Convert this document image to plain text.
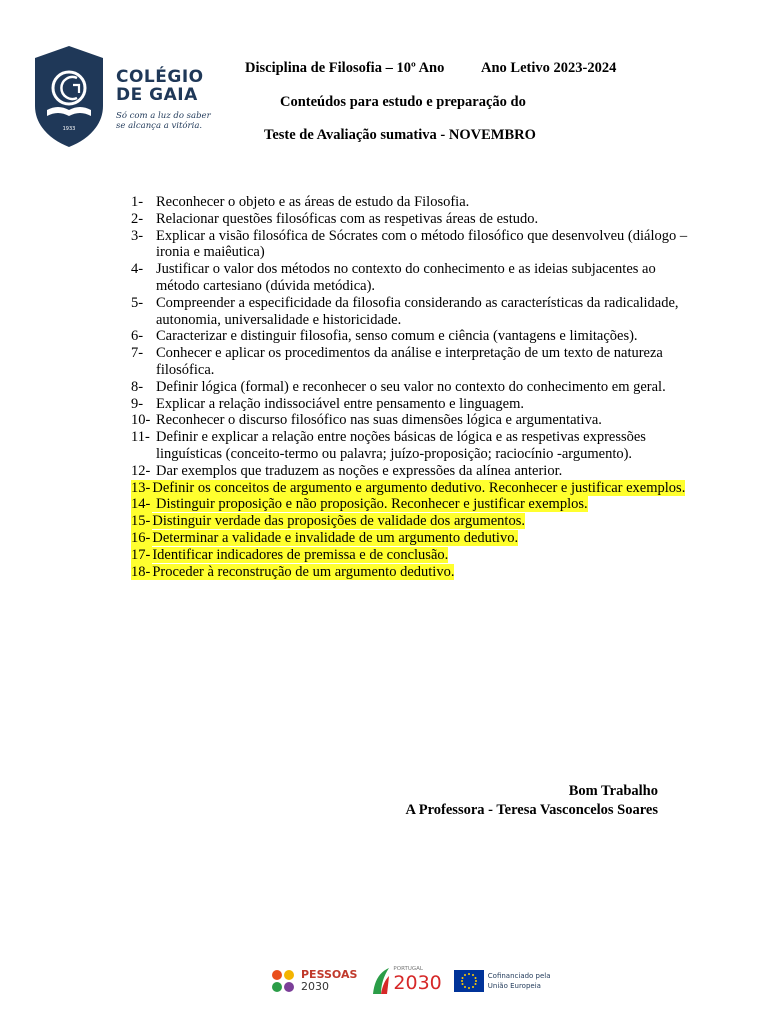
1933
COLÉGIO
DE GAIA
Só com a luz do saber
se alcança a vitória.
Disciplina de Filosofia – 10º Ano	Ano Letivo 2023-2024
Conteúdos para estudo e preparação do
Teste de Avaliação sumativa - NOVEMBRO
1- Reconhecer o objeto e as áreas de estudo da Filosofia.
2- Relacionar questões filosóficas com as respetivas áreas de estudo.
3- Explicar a visão filosófica de Sócrates com o método filosófico que desenvolveu (diálogo – ironia e maiêutica)
4- Justificar o valor dos métodos no contexto do conhecimento e as ideias subjacentes ao método cartesiano (dúvida metódica).
5- Compreender a especificidade da filosofia considerando as características da radicalidade, autonomia, universalidade e historicidade.
6- Caracterizar e distinguir filosofia, senso comum e ciência (vantagens e limitações).
7- Conhecer e aplicar os procedimentos da análise e interpretação de um texto de natureza filosófica.
8- Definir lógica (formal) e reconhecer o seu valor no contexto do conhecimento em geral.
9- Explicar a relação indissociável entre pensamento e linguagem.
10- Reconhecer o discurso filosófico nas suas dimensões lógica e argumentativa.
11- Definir e explicar a relação entre noções básicas de lógica e as respetivas expressões linguísticas (conceito-termo ou palavra; juízo-proposição; raciocínio -argumento).
12- Dar exemplos que traduzem as noções e expressões da alínea anterior.
13- Definir os conceitos de argumento e argumento dedutivo. Reconhecer e justificar exemplos.
14- Distinguir proposição e não proposição. Reconhecer e justificar exemplos.
15- Distinguir verdade das proposições de validade dos argumentos.
16- Determinar a validade e invalidade de um argumento dedutivo.
17- Identificar indicadores de premissa e de conclusão.
18- Proceder à reconstrução de um argumento dedutivo.
Bom Trabalho
A Professora - Teresa Vasconcelos Soares
PESSOAS
2030
PORTUGAL
2030	Cofinanciado pela
União Europeia
